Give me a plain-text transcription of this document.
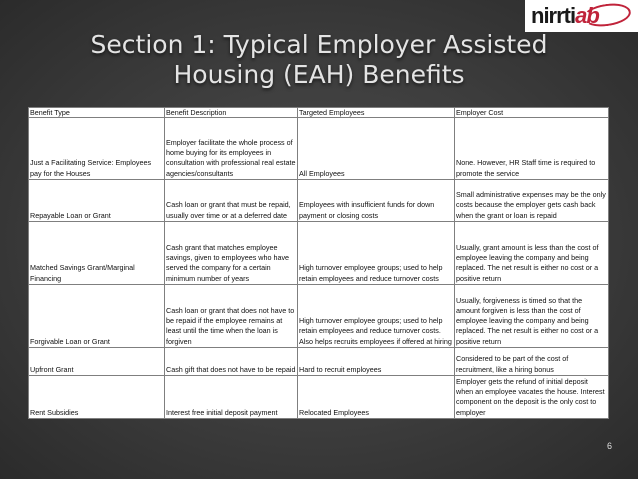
nirrtiab
Section 1: Typical Employer Assisted
Housing (EAH) Benefits
Benefit Type	Benefit Description	Targeted Employees	Employer Cost
Just a Facilitating Service: Employees pay for the Houses	Employer facilitate the whole process of home buying for its employees in consultation with professional real estate agencies/consultants	All Employees	None. However, HR Staff time is required to promote the service
Repayable Loan or Grant	Cash loan or grant that must be repaid, usually over time or at a deferred date	Employees with insufficient funds for down payment or closing costs	Small administrative expenses may be the only costs because the employer gets cash back when the grant or loan is repaid
Matched Savings Grant/Marginal Financing	Cash grant that matches employee savings, given to employees who have served the company for a certain minimum number of years	High turnover employee groups; used to help retain employees and reduce turnover costs	Usually, grant amount is less than the cost of employee leaving the company and being replaced. The net result is either no cost or a positive return
Forgivable Loan or Grant	Cash loan or grant that does not have to be repaid if the employee remains at least until the time when the loan is forgiven	High turnover employee groups; used to help retain employees and reduce turnover costs. Also helps recruits employees if offered at hiring	Usually, forgiveness is timed so that the amount forgiven is less than the cost of employee leaving the company and being replaced. The net result is either no cost or a positive return
Upfront Grant	Cash gift that does not have to be repaid	Hard to recruit employees	Considered to be part of the cost of recruitment, like a hiring bonus
Rent Subsidies	Interest free initial deposit payment	Relocated Employees	Employer gets the refund of initial deposit when an employee vacates the house. Interest component on the deposit is the only cost to employer
6
